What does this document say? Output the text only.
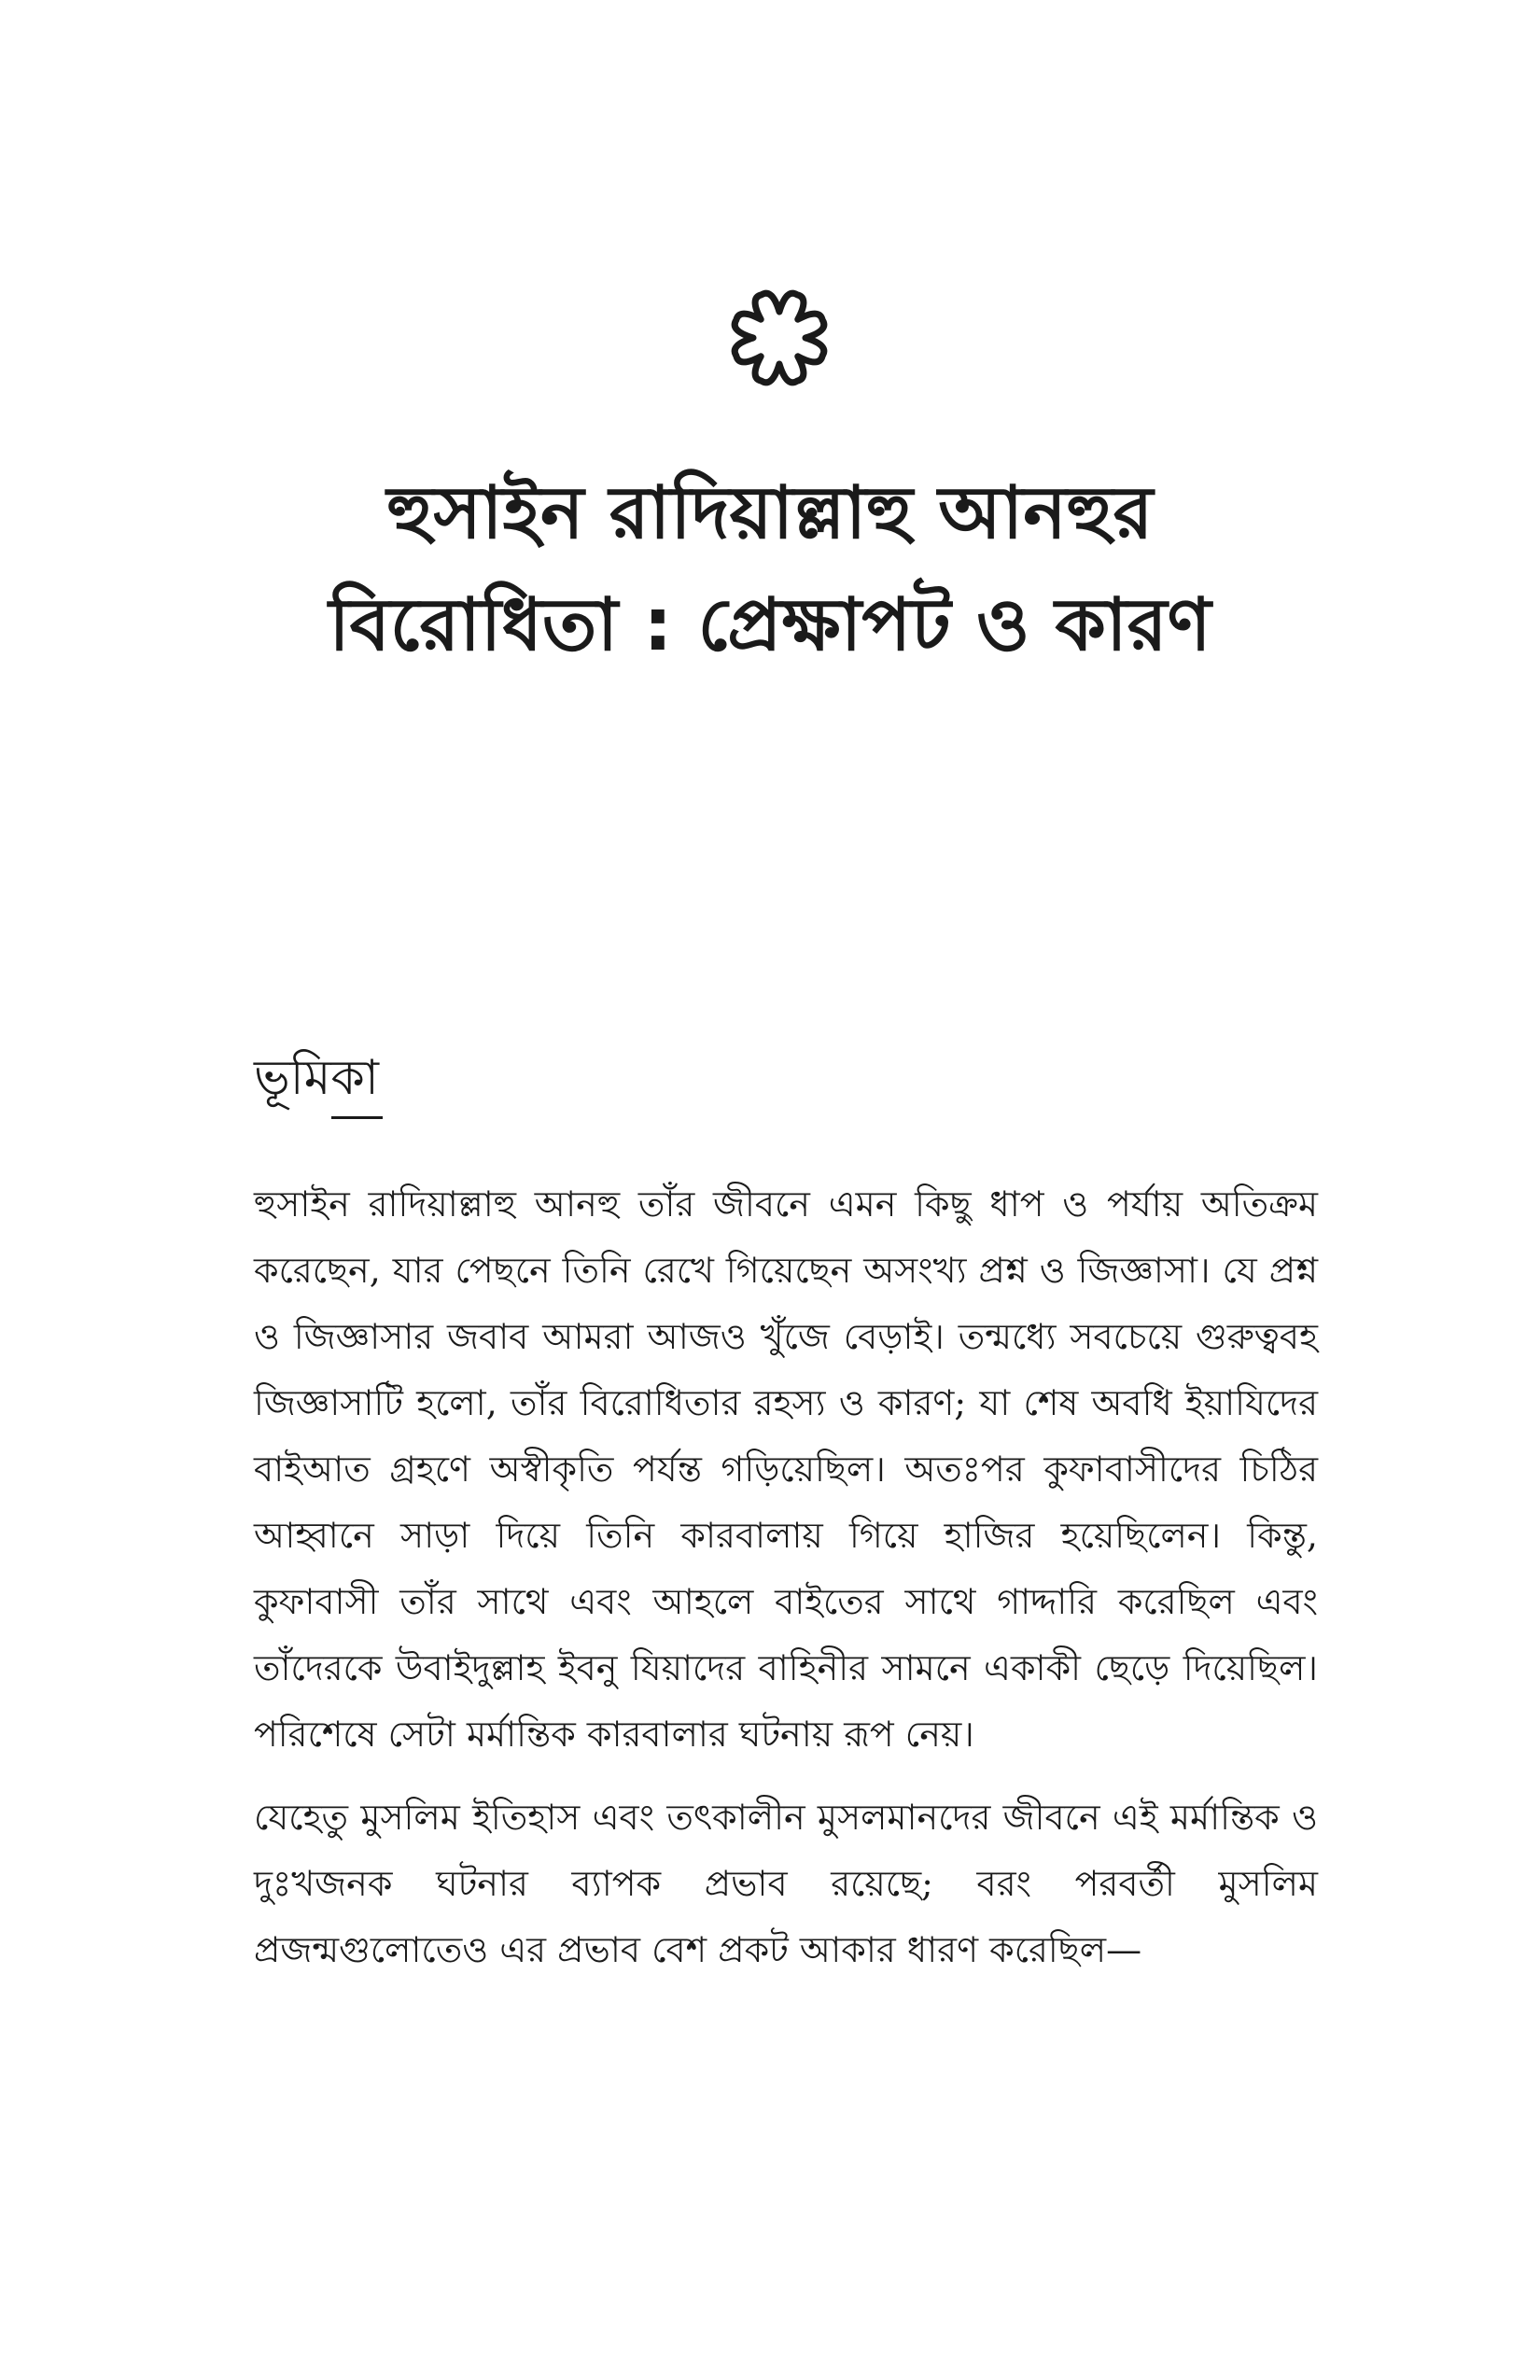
হুসাইন রাদিয়াল্লাহু আনহুর
বিরোধিতা : প্রেক্ষাপট ও কারণ
ভূমিকা

হুসাইন রাদিয়াল্লাহু আনহু তাঁর জীবনে এমন কিছু ধাপ ও পর্যায় অতিক্রম করেছেন, যার পেছনে তিনি রেখে গিয়েছেন অসংখ্য প্রশ্ন ও জিজ্ঞাসা। যে প্রশ্ন ও জিজ্ঞাসার জবাব আমরা আজও খুঁজে বেড়াই। তন্মধ্যে সবচেয়ে গুরুত্ববহ জিজ্ঞাসাটি হলো, তাঁর বিরোধিতার রহস্য ও কারণ; যা শেষ অবধি ইয়াযিদের বাইআত গ্রহণে অস্বীকৃতি পর্যন্ত গড়িয়েছিল। অতঃপর কুফাবাসীদের চিঠির আহ্বানে সাড়া দিয়ে তিনি কারবালায় গিয়ে হাজির হয়েছিলেন। কিন্তু, কুফাবাসী তাঁর সাথে এবং আহলে বাইতের সাথে গাদ্দারি করেছিল এবং তাঁদেরকে উবাইদুল্লাহ ইবনু যিয়াদের বাহিনীর সামনে একাকী ছেড়ে দিয়েছিল। পরিশেষে সেটা মর্মান্তিক কারবালার ঘটনায় রূপ নেয়।

যেহেতু মুসলিম ইতিহাস এবং তৎকালীন মুসলমানদের জীবনে এই মর্মান্তিক ও দুঃখজনক ঘটনার ব্যাপক প্রভাব রয়েছে; বরং পরবর্তী মুসলিম প্রজন্মগুলোতেও এর প্রভাব বেশ প্রকট আকার ধারণ করেছিল—
